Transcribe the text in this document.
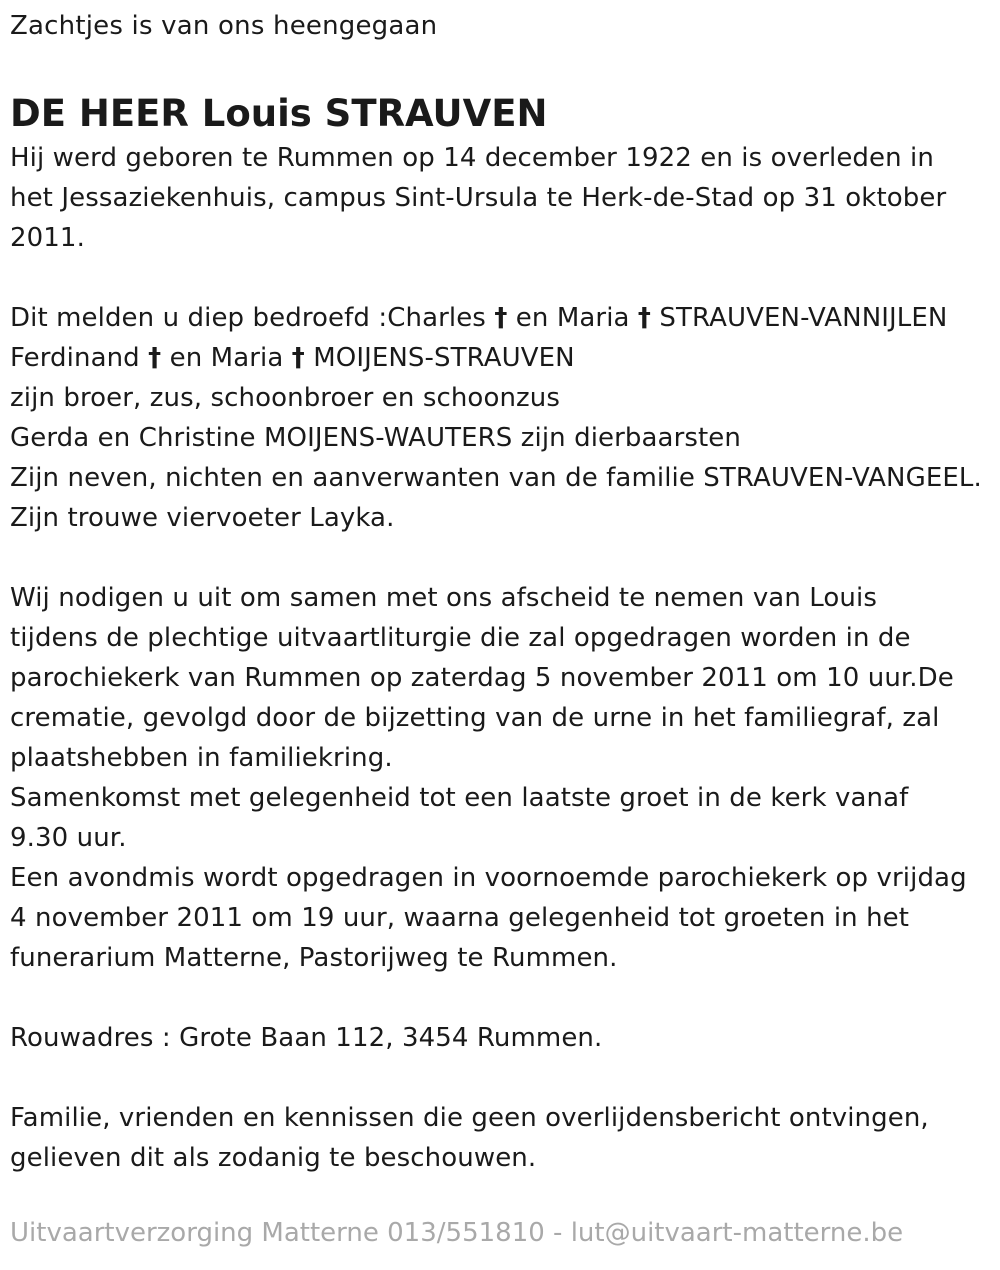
Zachtjes is van ons heengegaan
DE HEER Louis STRAUVEN
Hij werd geboren te Rummen op 14 december 1922 en is overleden in
het Jessaziekenhuis, campus Sint-Ursula te Herk-de-Stad op 31 oktober
2011.
Dit melden u diep bedroefd :Charles † en Maria † STRAUVEN-VANNIJLEN
Ferdinand † en Maria † MOIJENS-STRAUVEN
zijn broer, zus, schoonbroer en schoonzus
Gerda en Christine MOIJENS-WAUTERS zijn dierbaarsten
Zijn neven, nichten en aanverwanten van de familie STRAUVEN-VANGEEL.
Zijn trouwe viervoeter Layka.
Wij nodigen u uit om samen met ons afscheid te nemen van Louis
tijdens de plechtige uitvaartliturgie die zal opgedragen worden in de
parochiekerk van Rummen op zaterdag 5 november 2011 om 10 uur.De
crematie, gevolgd door de bijzetting van de urne in het familiegraf, zal
plaatshebben in familiekring.
Samenkomst met gelegenheid tot een laatste groet in de kerk vanaf
9.30 uur.
Een avondmis wordt opgedragen in voornoemde parochiekerk op vrijdag
4 november 2011 om 19 uur, waarna gelegenheid tot groeten in het
funerarium Matterne, Pastorijweg te Rummen.
Rouwadres : Grote Baan 112, 3454 Rummen.
Familie, vrienden en kennissen die geen overlijdensbericht ontvingen,
gelieven dit als zodanig te beschouwen.
Uitvaartverzorging Matterne 013/551810 - lut@uitvaart-matterne.be
